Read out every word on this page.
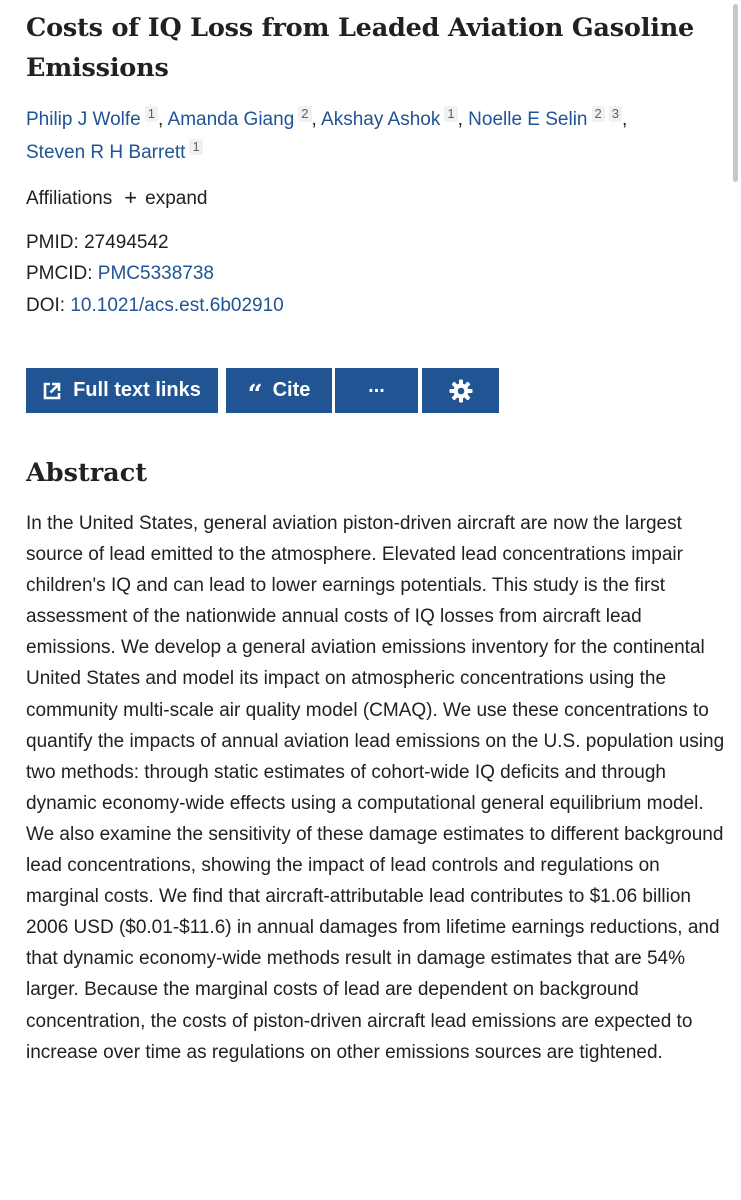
Costs of IQ Loss from Leaded Aviation Gasoline Emissions
Philip J Wolfe 1 , Amanda Giang 2 , Akshay Ashok 1 , Noelle E Selin 2 3 ,
Steven R H Barrett 1
Affiliations + expand
PMID: 27494542
PMCID: PMC5338738
DOI: 10.1021/acs.est.6b02910
Full text links “ Cite	...
Abstract

In the United States, general aviation piston-driven aircraft are now the largest source of lead emitted to the atmosphere. Elevated lead concentrations impair children's IQ and can lead to lower earnings potentials. This study is the first assessment of the nationwide annual costs of IQ losses from aircraft lead emissions. We develop a general aviation emissions inventory for the continental United States and model its impact on atmospheric concentrations using the community multi-scale air quality model (CMAQ). We use these concentrations to quantify the impacts of annual aviation lead emissions on the U.S. population using two methods: through static estimates of cohort-wide IQ deficits and through dynamic economy-wide effects using a computational general equilibrium model. We also examine the sensitivity of these damage estimates to different background lead concentrations, showing the impact of lead controls and regulations on marginal costs. We find that aircraft-attributable lead contributes to $1.06 billion 2006 USD ($0.01-$11.6) in annual damages from lifetime earnings reductions, and that dynamic economy-wide methods result in damage estimates that are 54% larger. Because the marginal costs of lead are dependent on background concentration, the costs of piston-driven aircraft lead emissions are expected to increase over time as regulations on other emissions sources are tightened.
